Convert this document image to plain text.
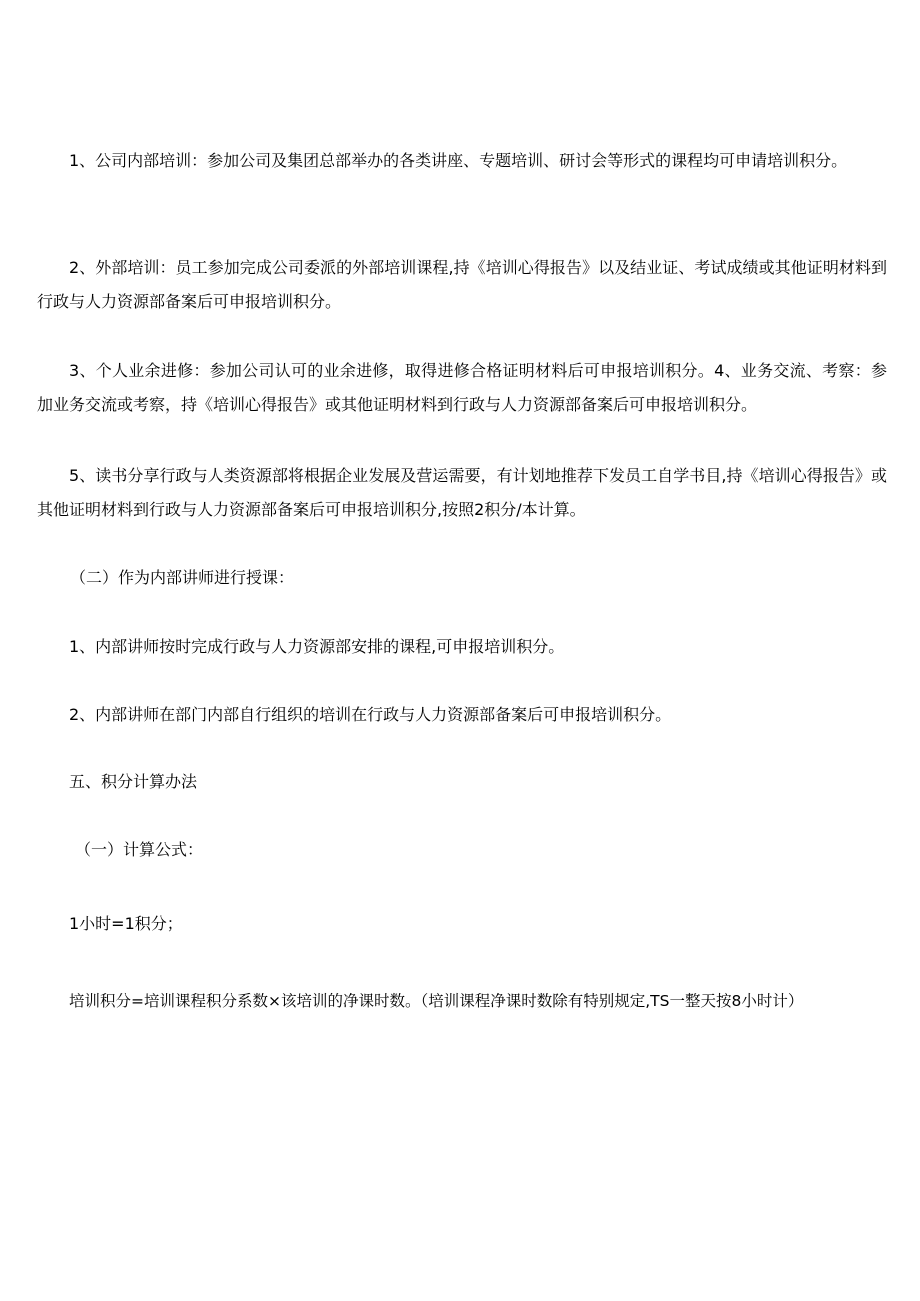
1、公司内部培训：参加公司及集团总部举办的各类讲座、专题培训、研讨会等形式的课程均可申请培训积分。

2、外部培训：员工参加完成公司委派的外部培训课程,持《培训心得报告》以及结业证、考试成绩或其他证明材料到行政与人力资源部备案后可申报培训积分。

3、个人业余进修：参加公司认可的业余进修，取得进修合格证明材料后可申报培训积分。4、业务交流、考察：参加业务交流或考察，持《培训心得报告》或其他证明材料到行政与人力资源部备案后可申报培训积分。

5、读书分享行政与人类资源部将根据企业发展及营运需要，有计划地推荐下发员工自学书目,持《培训心得报告》或其他证明材料到行政与人力资源部备案后可申报培训积分,按照2积分/本计算。

（二）作为内部讲师进行授课：

1、内部讲师按时完成行政与人力资源部安排的课程,可申报培训积分。

2、内部讲师在部门内部自行组织的培训在行政与人力资源部备案后可申报培训积分。

五、积分计算办法

（一）计算公式：

1小时=1积分；

培训积分=培训课程积分系数×该培训的净课时数。（培训课程净课时数除有特别规定,TS一整天按8小时计）
